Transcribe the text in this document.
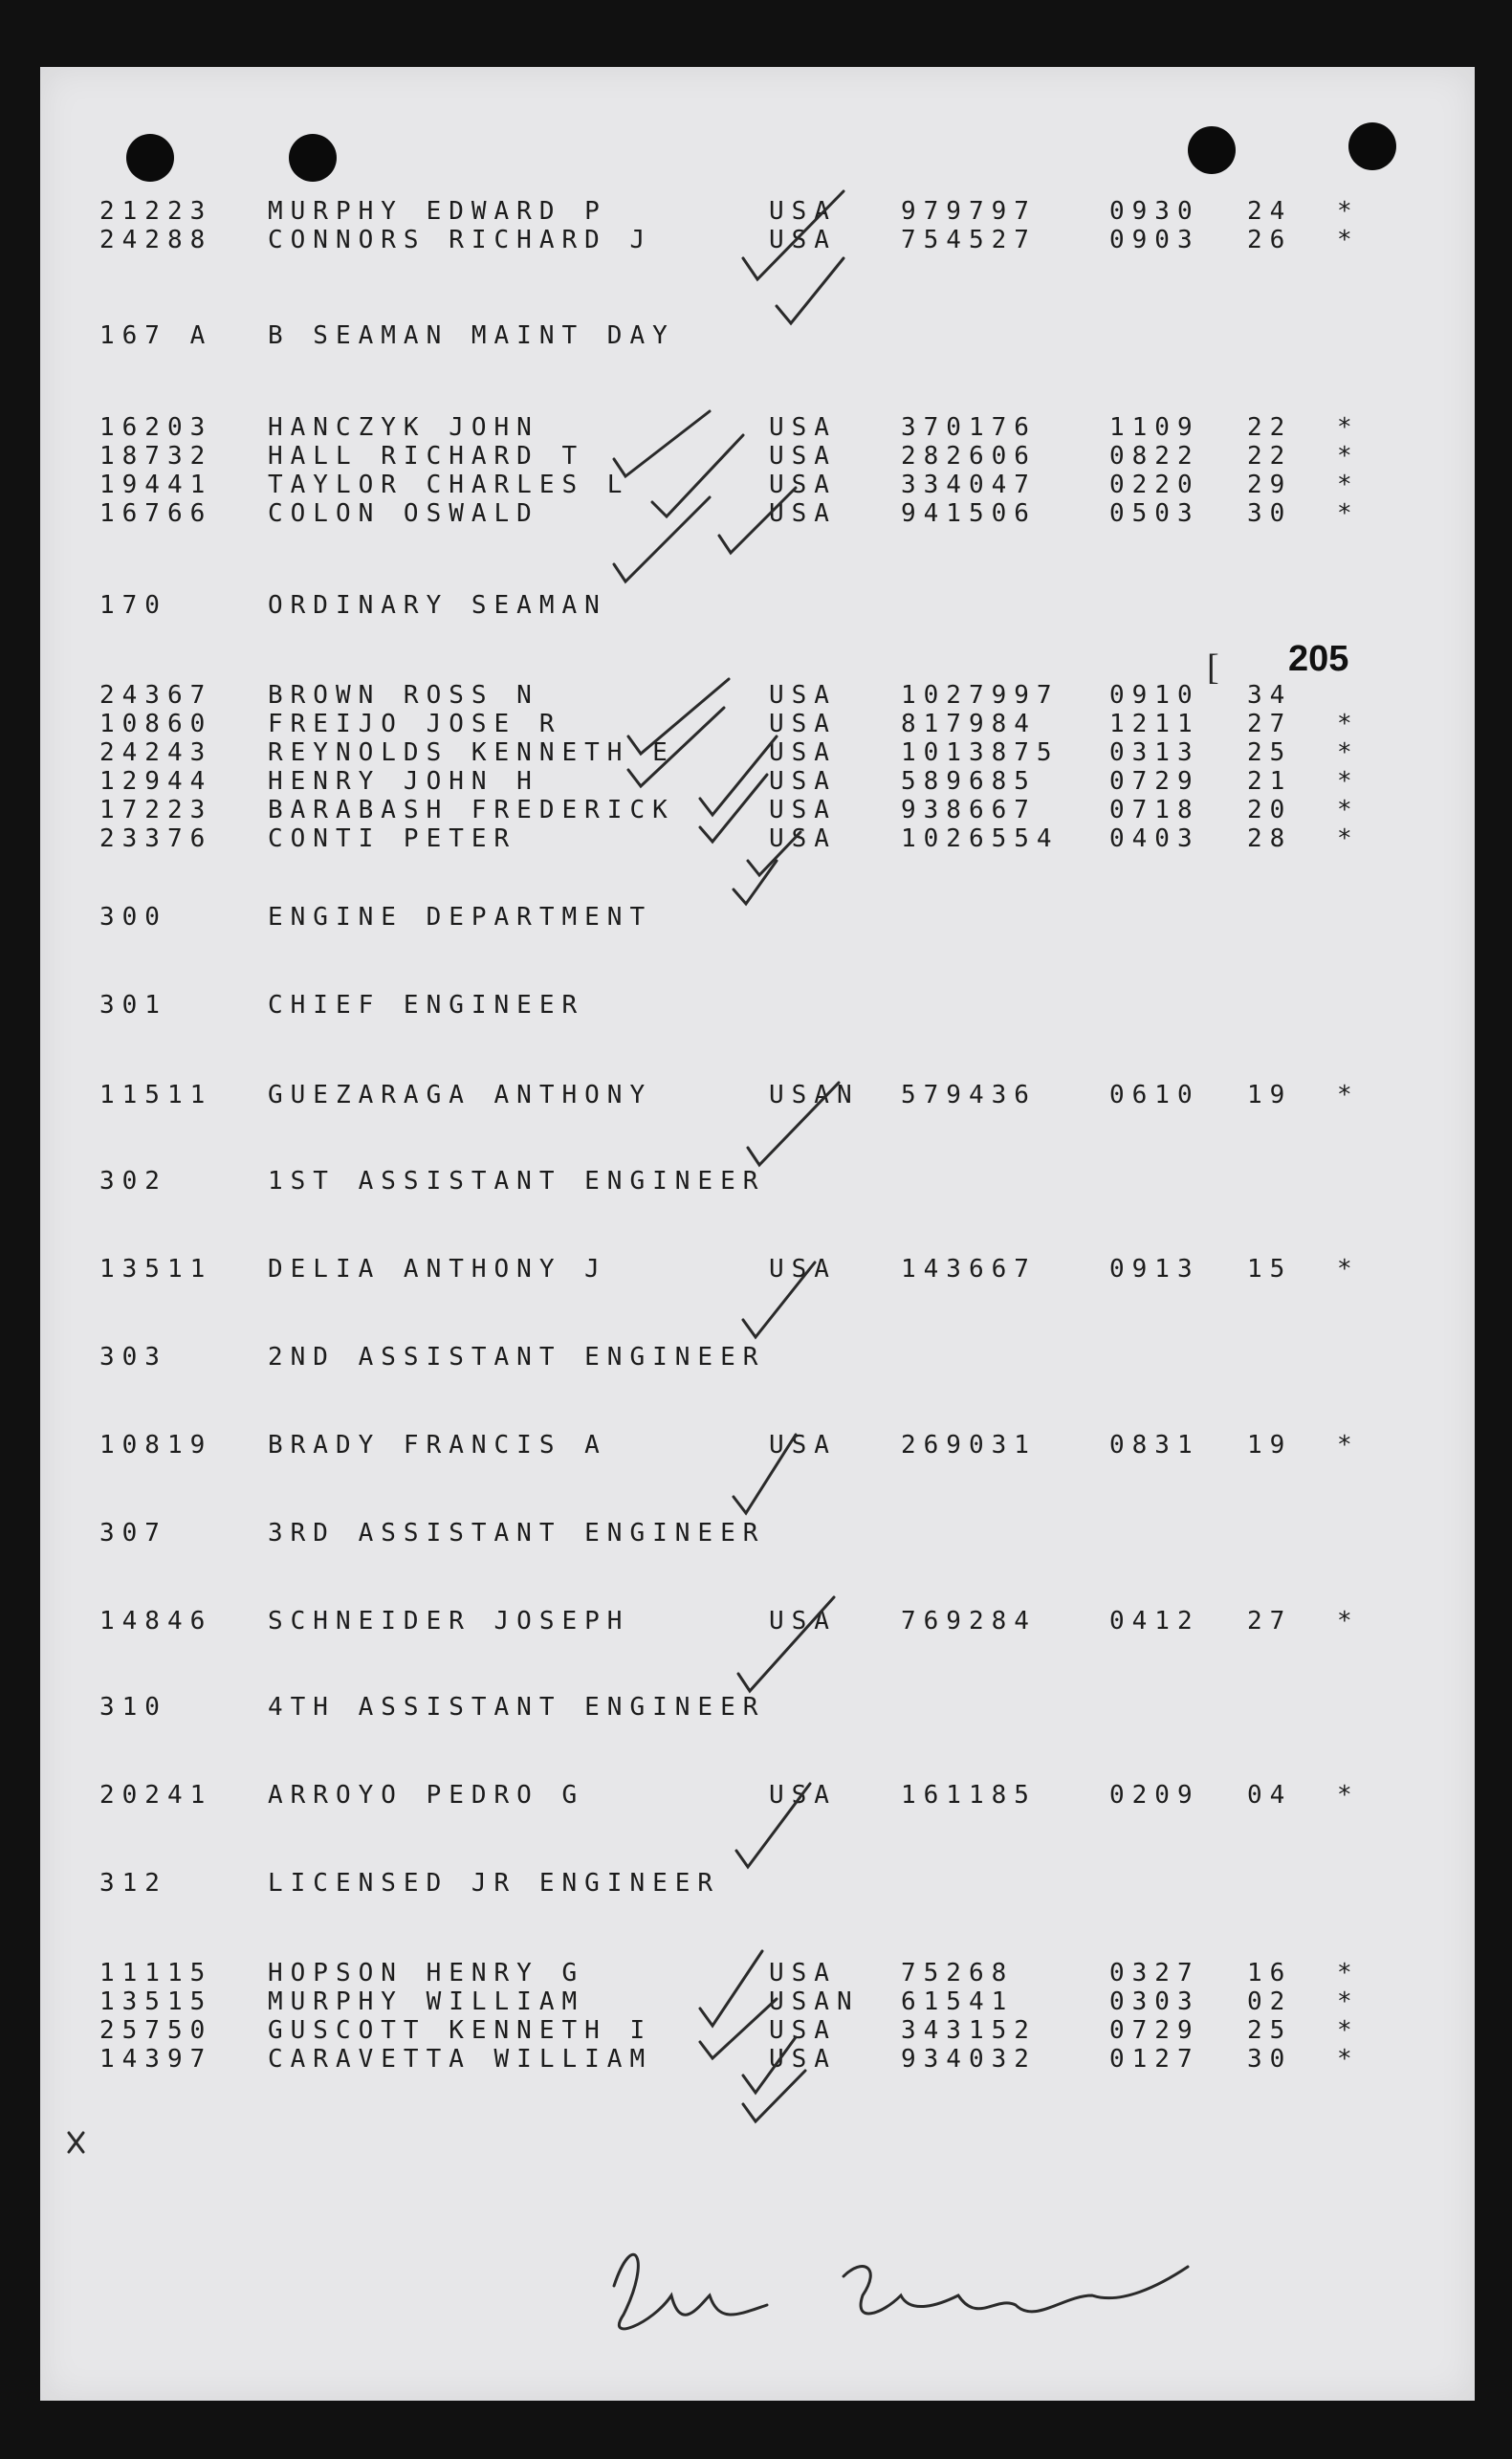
[ 205
21223 MURPHY EDWARD P	USA	979797	0930 24 *
24288 CONNORS RICHARD J	USA	754527	0903 26 *
167 A B SEAMAN MAINT DAY
16203 HANCZYK JOHN	USA	370176	1109 22 *
18732 HALL RICHARD T	USA	282606	0822 22 *
19441 TAYLOR CHARLES L	USA	334047	0220 29 *
16766 COLON OSWALD	USA	941506	0503 30 *
170	ORDINARY SEAMAN
24367 BROWN ROSS N	USA	1027997 0910 34
10860 FREIJO JOSE R	USA	817984	1211 27 *
24243 REYNOLDS KENNETH E	USA	1013875 0313 25 *
12944 HENRY JOHN H	USA	589685	0729 21 *
17223 BARABASH FREDERICK	USA	938667	0718 20 *
23376 CONTI PETER	USA	1026554 0403 28 *
300	ENGINE DEPARTMENT
301	CHIEF ENGINEER
11511 GUEZARAGA ANTHONY	USAN 579436	0610 19 *
302	1ST ASSISTANT ENGINEER
13511 DELIA ANTHONY J	USA	143667	0913 15 *
303	2ND ASSISTANT ENGINEER
10819 BRADY FRANCIS A	USA	269031	0831 19 *
307	3RD ASSISTANT ENGINEER
14846 SCHNEIDER JOSEPH	USA	769284	0412 27 *
310	4TH ASSISTANT ENGINEER
20241 ARROYO PEDRO G	USA	161185	0209 04 *
312	LICENSED JR ENGINEER
11115 HOPSON HENRY G	USA	75268	0327 16 *
13515 MURPHY WILLIAM	USAN 61541	0303 02 *
25750 GUSCOTT KENNETH I	USA	343152	0729 25 *
14397 CARAVETTA WILLIAM	USA	934032	0127 30 *
